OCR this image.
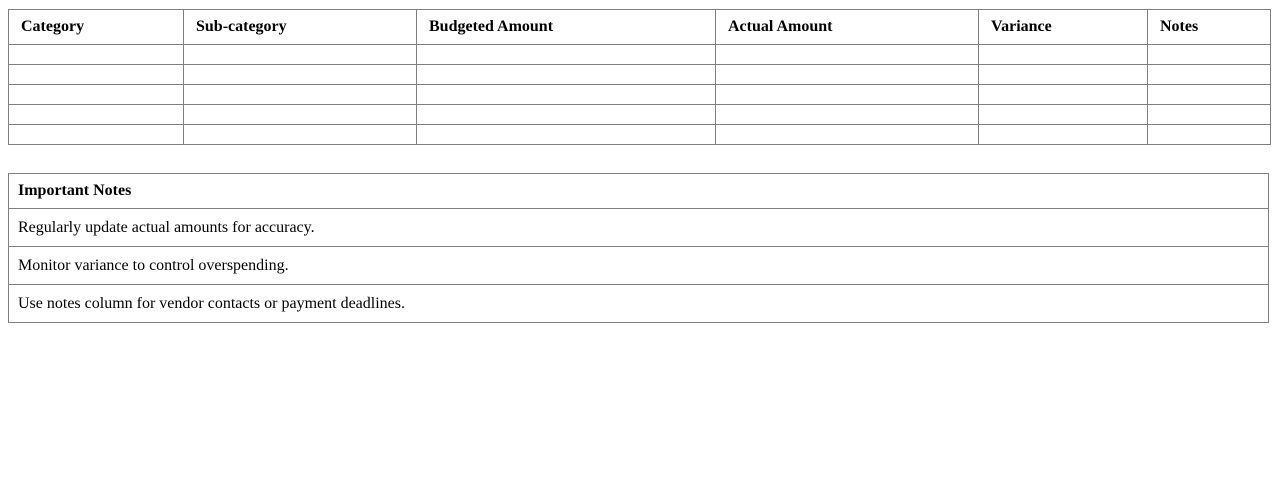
Category	Sub-category	Budgeted Amount	Actual Amount	Variance	Notes

Important Notes
Regularly update actual amounts for accuracy.
Monitor variance to control overspending.
Use notes column for vendor contacts or payment deadlines.
